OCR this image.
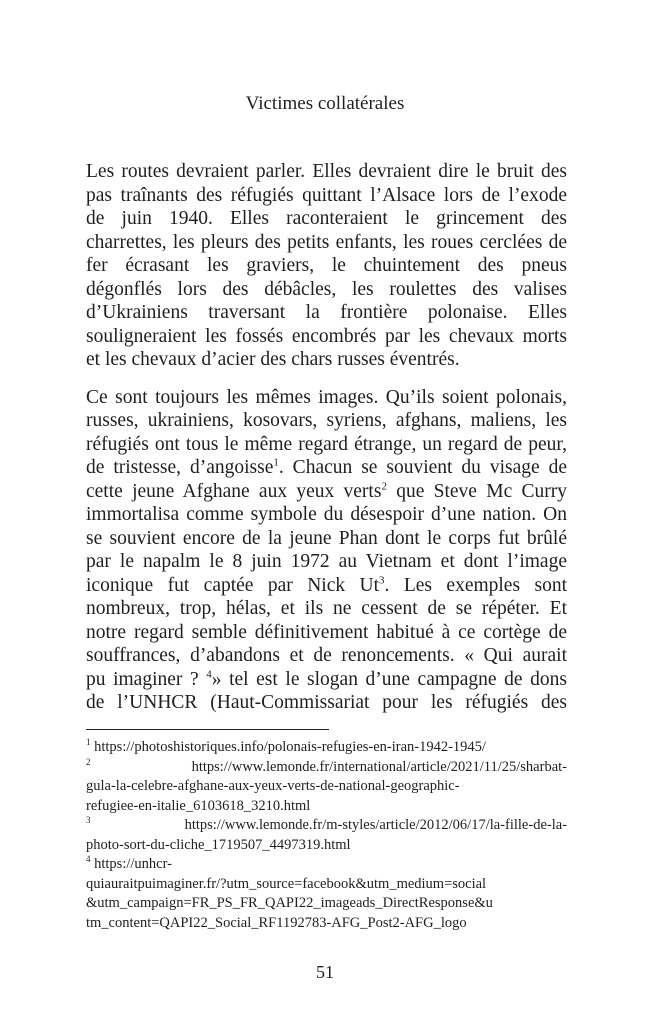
Victimes collatérales

Les routes devraient parler. Elles devraient dire le bruit des
pas traînants des réfugiés quittant l’Alsace lors de l’exode
de juin 1940. Elles raconteraient le grincement des
charrettes, les pleurs des petits enfants, les roues cerclées de
fer écrasant les graviers, le chuintement des pneus
dégonflés lors des débâcles, les roulettes des valises
d’Ukrainiens traversant la frontière polonaise. Elles
souligneraient les fossés encombrés par les chevaux morts
et les chevaux d’acier des chars russes éventrés.

Ce sont toujours les mêmes images. Qu’ils soient polonais,
russes, ukrainiens, kosovars, syriens, afghans, maliens, les
réfugiés ont tous le même regard étrange, un regard de peur,
de tristesse, d’angoisse$^1$. Chacun se souvient du visage de
cette jeune Afghane aux yeux verts$^2$ que Steve Mc Curry
immortalisa comme symbole du désespoir d’une nation. On
se souvient encore de la jeune Phan dont le corps fut brûlé
par le napalm le 8 juin 1972 au Vietnam et dont l’image
iconique fut captée par Nick Ut$^3$. Les exemples sont
nombreux, trop, hélas, et ils ne cessent de se répéter. Et
notre regard semble définitivement habitué à ce cortège de
souffrances, d’abandons et de renoncements. « Qui aurait
pu imaginer ? $^4$» tel est le slogan d’une campagne de dons
de l’UNHCR (Haut-Commissariat pour les réfugiés des

$^1$ https://photoshistoriques.info/polonais-refugies-en-iran-1942-1945/
$^2$	https://www.lemonde.fr/international/article/2021/11/25/sharbat-
gula-la-celebre-afghane-aux-yeux-verts-de-national-geographic-
refugiee-en-italie_6103618_3210.html
$^3$	https://www.lemonde.fr/m-styles/article/2012/06/17/la-fille-de-la-
photo-sort-du-cliche_1719507_4497319.html
$^4$ https://unhcr-
quiauraitpuimaginer.fr/?utm_source=facebook&utm_medium=social
&utm_campaign=FR_PS_FR_QAPI22_imageads_DirectResponse&u
tm_content=QAPI22_Social_RF1192783-AFG_Post2-AFG_logo
51
